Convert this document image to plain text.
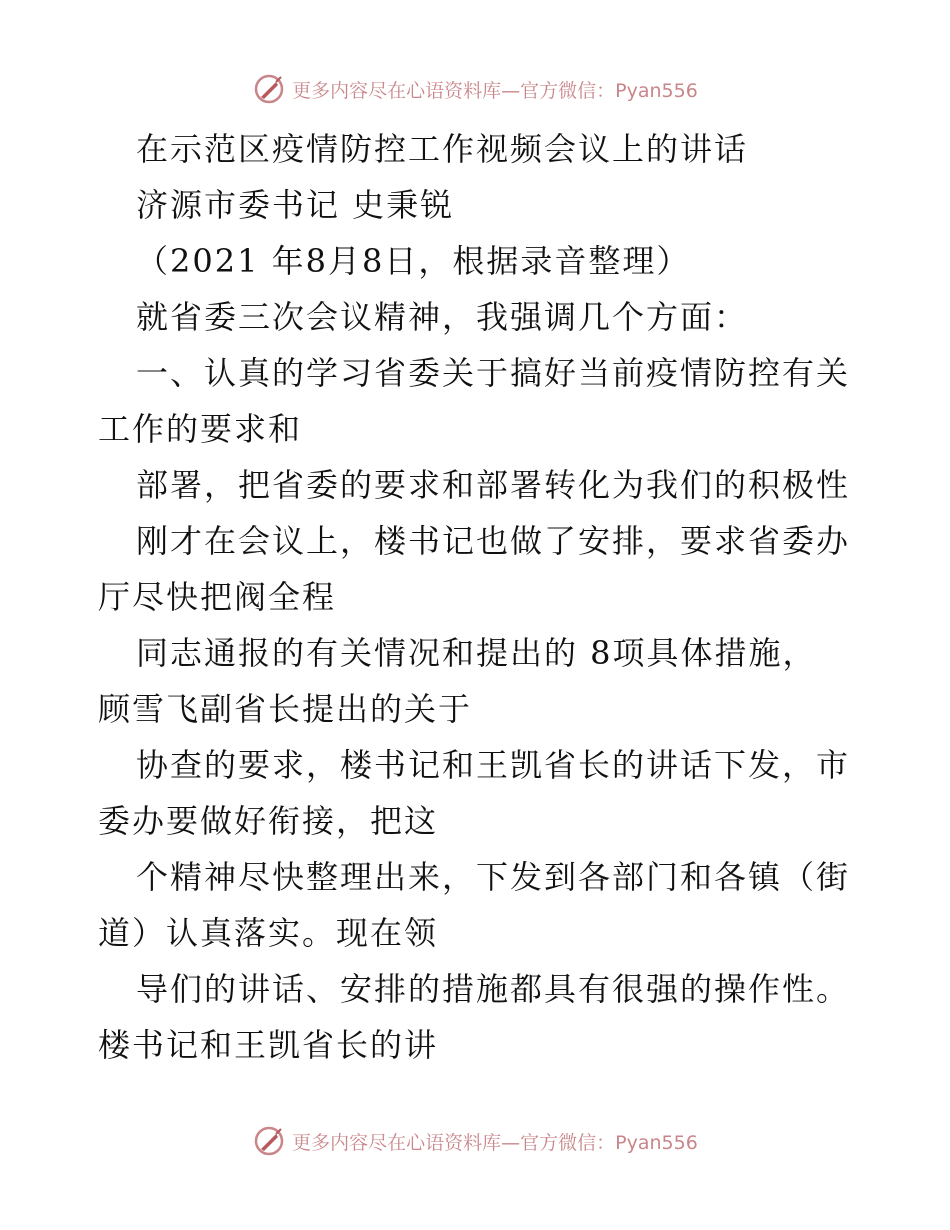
更多内容尽在心语资料库—官方微信：Pyan556
在示范区疫情防控工作视频会议上的讲话
济源市委书记 史秉锐
（2021 年8月8日，根据录音整理）
就省委三次会议精神，我强调几个方面：
一、认真的学习省委关于搞好当前疫情防控有关
工作的要求和
部署，把省委的要求和部署转化为我们的积极性
刚才在会议上，楼书记也做了安排，要求省委办
厅尽快把阀全程
同志通报的有关情况和提出的 8项具体措施，
顾雪飞副省长提出的关于
协查的要求，楼书记和王凯省长的讲话下发，市
委办要做好衔接，把这
个精神尽快整理出来，下发到各部门和各镇（街
道）认真落实。现在领
导们的讲话、安排的措施都具有很强的操作性。
楼书记和王凯省长的讲
更多内容尽在心语资料库—官方微信：Pyan556
